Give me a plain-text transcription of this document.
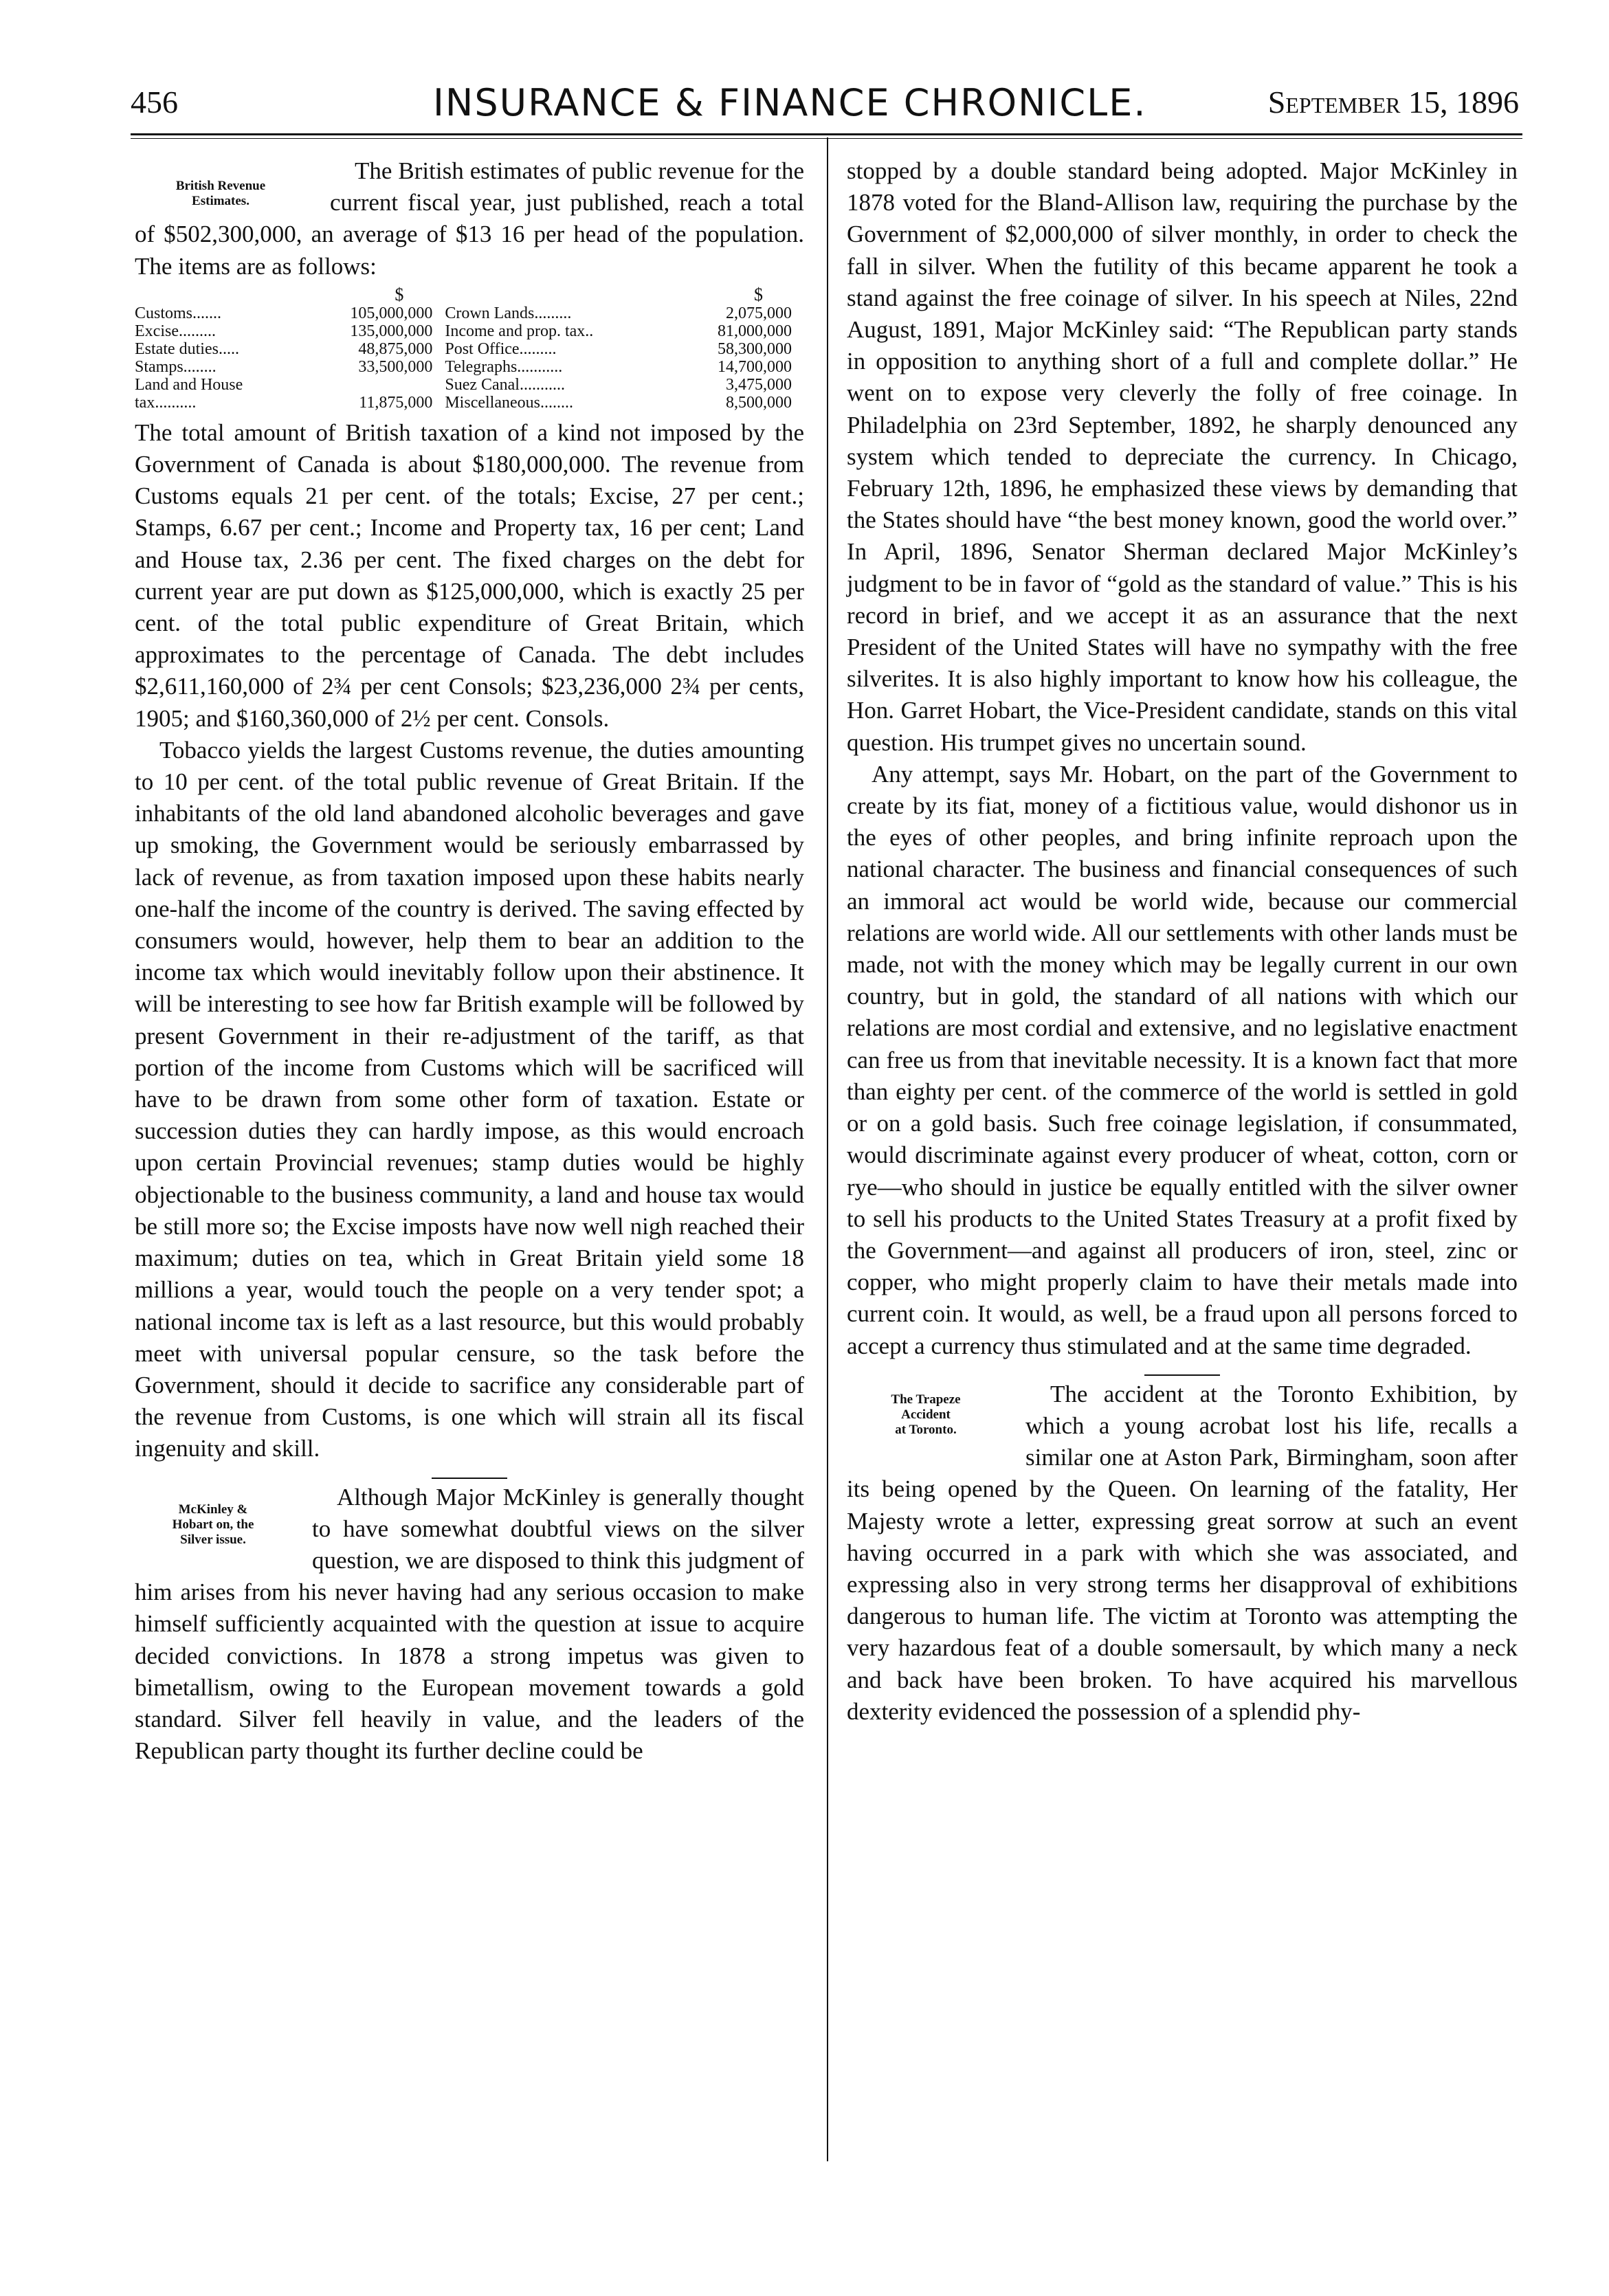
456	INSURANCE & FINANCE CHRONICLE.	September 15, 1896
British Revenue
Estimates.

The British estimates of public revenue for the current fiscal year, just published, reach a total of $502,300,000, an average of $13 16 per head of the population. The items are as follows:

$		$	
Customs.......	105,000,000	Crown Lands.........	2,075,000
Excise.........	135,000,000	Income and prop. tax..	81,000,000
Estate duties.....	48,875,000	Post Office.........	58,300,000
Stamps........	33,500,000	Telegraphs...........	14,700,000
Land and House		Suez Canal...........	3,475,000
tax..........	11,875,000	Miscellaneous........	8,500,000

The total amount of British taxation of a kind not imposed by the Government of Canada is about $180,000,000. The revenue from Customs equals 21 per cent. of the totals; Excise, 27 per cent.; Stamps, 6.67 per cent.; Income and Property tax, 16 per cent; Land and House tax, 2.36 per cent. The fixed charges on the debt for current year are put down as $125,000,000, which is exactly 25 per cent. of the total public expenditure of Great Britain, which approximates to the percentage of Canada. The debt includes $2,611,160,000 of 2¾ per cent Consols; $23,236,000 2¾ per cents, 1905; and $160,360,000 of 2½ per cent. Consols.

Tobacco yields the largest Customs revenue, the duties amounting to 10 per cent. of the total public revenue of Great Britain. If the inhabitants of the old land abandoned alcoholic beverages and gave up smoking, the Government would be seriously embarrassed by lack of revenue, as from taxation imposed upon these habits nearly one-half the income of the country is derived. The saving effected by consumers would, however, help them to bear an addition to the income tax which would inevitably follow upon their abstinence. It will be interesting to see how far British example will be followed by present Government in their re-adjustment of the tariff, as that portion of the income from Customs which will be sacrificed will have to be drawn from some other form of taxation. Estate or succession duties they can hardly impose, as this would encroach upon certain Provincial revenues; stamp duties would be highly objectionable to the business community, a land and house tax would be still more so; the Excise imposts have now well nigh reached their maximum; duties on tea, which in Great Britain yield some 18 millions a year, would touch the people on a very tender spot; a national income tax is left as a last resource, but this would probably meet with universal popular censure, so the task before the Government, should it decide to sacrifice any considerable part of the revenue from Customs, is one which will strain all its fiscal ingenuity and skill.

McKinley &
Hobart on, the
Silver issue.

Although Major McKinley is generally thought to have somewhat doubtful views on the silver question, we are disposed to think this judgment of him arises from his never having had any serious occasion to make himself sufficiently acquainted with the question at issue to acquire decided convictions. In 1878 a strong impetus was given to bimetallism, owing to the European movement towards a gold standard. Silver fell heavily in value, and the leaders of the Republican party thought its further decline could be

stopped by a double standard being adopted. Major McKinley in 1878 voted for the Bland-Allison law, requiring the purchase by the Government of $2,000,000 of silver monthly, in order to check the fall in silver. When the futility of this became apparent he took a stand against the free coinage of silver. In his speech at Niles, 22nd August, 1891, Major McKinley said: “The Republican party stands in opposition to anything short of a full and complete dollar.” He went on to expose very cleverly the folly of free coinage. In Philadelphia on 23rd September, 1892, he sharply denounced any system which tended to depreciate the currency. In Chicago, February 12th, 1896, he emphasized these views by demanding that the States should have “the best money known, good the world over.” In April, 1896, Senator Sherman declared Major McKinley’s judgment to be in favor of “gold as the standard of value.” This is his record in brief, and we accept it as an assurance that the next President of the United States will have no sympathy with the free silverites. It is also highly important to know how his colleague, the Hon. Garret Hobart, the Vice-President candidate, stands on this vital question. His trumpet gives no uncertain sound.

Any attempt, says Mr. Hobart, on the part of the Government to create by its fiat, money of a fictitious value, would dishonor us in the eyes of other peoples, and bring infinite reproach upon the national character. The business and financial consequences of such an immoral act would be world wide, because our commercial relations are world wide. All our settlements with other lands must be made, not with the money which may be legally current in our own country, but in gold, the standard of all nations with which our relations are most cordial and extensive, and no legislative enactment can free us from that inevitable necessity. It is a known fact that more than eighty per cent. of the commerce of the world is settled in gold or on a gold basis. Such free coinage legislation, if consummated, would discriminate against every producer of wheat, cotton, corn or rye—who should in justice be equally entitled with the silver owner to sell his products to the United States Treasury at a profit fixed by the Government—and against all producers of iron, steel, zinc or copper, who might properly claim to have their metals made into current coin. It would, as well, be a fraud upon all persons forced to accept a currency thus stimulated and at the same time degraded.

The Trapeze
Accident
at Toronto.

The accident at the Toronto Exhibition, by which a young acrobat lost his life, recalls a similar one at Aston Park, Birmingham, soon after its being opened by the Queen. On learning of the fatality, Her Majesty wrote a letter, expressing great sorrow at such an event having occurred in a park with which she was associated, and expressing also in very strong terms her disapproval of exhibitions dangerous to human life. The victim at Toronto was attempting the very hazardous feat of a double somersault, by which many a neck and back have been broken. To have acquired his marvellous dexterity evidenced the possession of a splendid phy-
